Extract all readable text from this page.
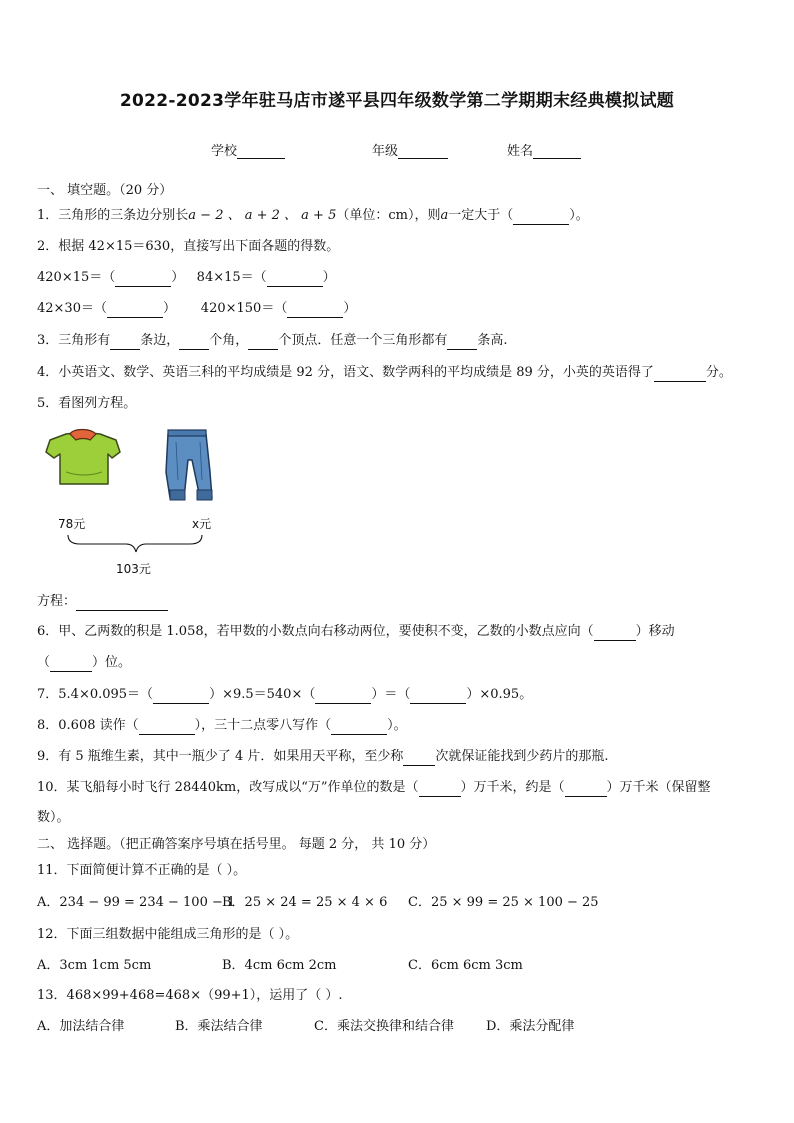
2022-2023学年驻马店市遂平县四年级数学第二学期期末经典模拟试题
学校	年级	姓名
一、 填空题。（20 分）
1．三角形的三条边分别长a − 2 、 a + 2 、 a + 5（单位：cm），则a一定大于（	）。
2．根据 42×15＝630，直接写出下面各题的得数。
420×15＝（	） 84×15＝（	）
42×30＝（	） 420×150＝（	）
3．三角形有 条边， 个角， 个顶点．任意一个三角形都有 条高.
4．小英语文、数学、英语三科的平均成绩是 92 分，语文、数学两科的平均成绩是 89 分，小英的英语得了	分。
5．看图列方程。
78元	x元
103元
方程：
6．甲、乙两数的积是 1.058，若甲数的小数点向右移动两位，要使积不变，乙数的小数点应向（	）移动
（	）位。
7．5.4×0.095＝（	）×9.5＝540×（	）＝（	）×0.95。
8．0.608 读作（	），三十二点零八写作（	）。
9．有 5 瓶维生素，其中一瓶少了 4 片．如果用天平称，至少称 次就保证能找到少药片的那瓶.
10．某飞船每小时飞行 28440km，改写成以“万”作单位的数是（	）万千米，约是（	）万千米（保留整
数）。
二、 选择题。（把正确答案序号填在括号里。 每题 2 分， 共 10 分）
11．下面简便计算不正确的是（ ）。
A．234 − 99 = 234 − 100 − 1
B．25 × 24 = 25 × 4 × 6 C．25 × 99 = 25 × 100 − 25
12．下面三组数据中能组成三角形的是（ ）。
A．3cm 1cm 5cm	B．4cm 6cm 2cm	C．6cm 6cm 3cm
13．468×99+468=468×（99+1），运用了（ ）.
A．加法结合律	B．乘法结合律	C．乘法交换律和结合律 D．乘法分配律
